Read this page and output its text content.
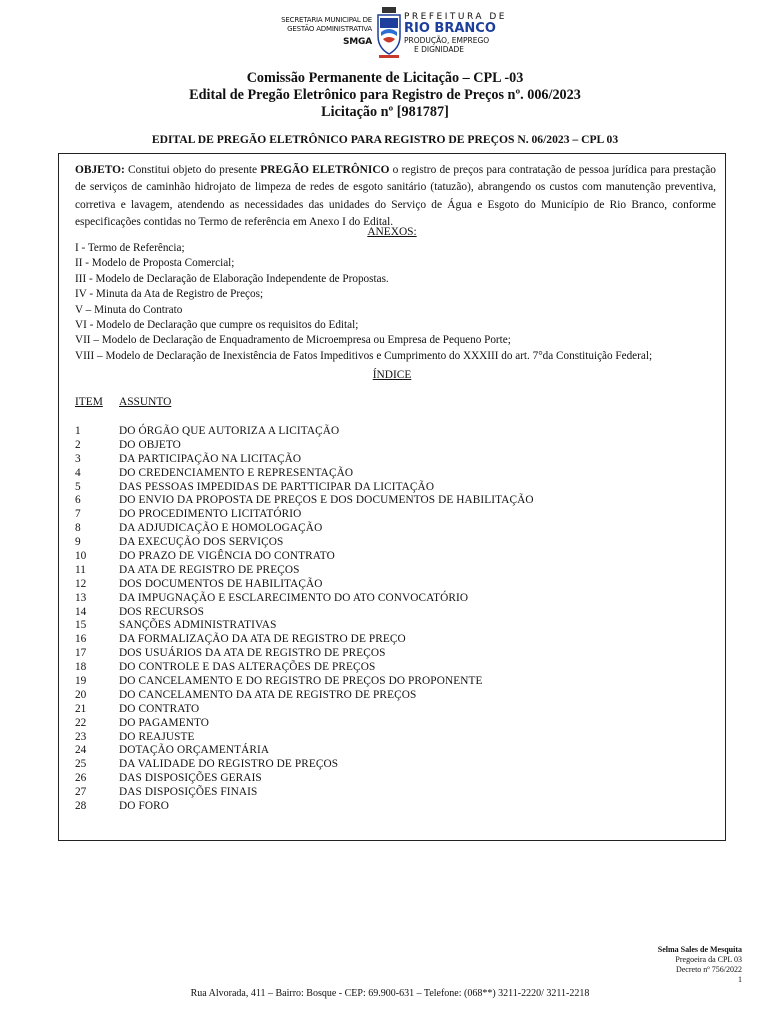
SECRETARIA MUNICIPAL DE
GESTÃO ADMINISTRATIVA
SMGA
PREFEITURA DE
RIO BRANCO
PRODUÇÃO, EMPREGO
E DIGNIDADE
Comissão Permanente de Licitação – CPL -03
Edital de Pregão Eletrônico para Registro de Preços nº. 006/2023
Licitação nº [981787]
EDITAL DE PREGÃO ELETRÔNICO PARA REGISTRO DE PREÇOS N. 06/2023 – CPL 03
OBJETO: Constitui objeto do presente PREGÃO ELETRÔNICO o registro de preços para contratação de pessoa jurídica para prestação de serviços de caminhão hidrojato de limpeza de redes de esgoto sanitário (tatuzão), abrangendo os custos com manutenção preventiva, corretiva e lavagem, atendendo as necessidades das unidades do Serviço de Água e Esgoto do Município de Rio Branco, conforme especificações contidas no Termo de referência em Anexo I do Edital.
ANEXOS:
I - Termo de Referência;
II - Modelo de Proposta Comercial;
III - Modelo de Declaração de Elaboração Independente de Propostas.
IV - Minuta da Ata de Registro de Preços;
V – Minuta do Contrato
VI - Modelo de Declaração que cumpre os requisitos do Edital;
VII – Modelo de Declaração de Enquadramento de Microempresa ou Empresa de Pequeno Porte;
VIII – Modelo de Declaração de Inexistência de Fatos Impeditivos e Cumprimento do XXXIII do art. 7°da Constituição Federal;
ÍNDICE
ITEM ASSUNTO
1	DO ÓRGÃO QUE AUTORIZA A LICITAÇÃO
2	DO OBJETO
3	DA PARTICIPAÇÃO NA LICITAÇÃO
4	DO CREDENCIAMENTO E REPRESENTAÇÃO
5	DAS PESSOAS IMPEDIDAS DE PARTTICIPAR DA LICITAÇÃO
6	DO ENVIO DA PROPOSTA DE PREÇOS E DOS DOCUMENTOS DE HABILITAÇÃO
7	DO PROCEDIMENTO LICITATÓRIO
8	DA ADJUDICAÇÃO E HOMOLOGAÇÃO
9	DA EXECUÇÃO DOS SERVIÇOS
10	DO PRAZO DE VIGÊNCIA DO CONTRATO
11	DA ATA DE REGISTRO DE PREÇOS
12	DOS DOCUMENTOS DE HABILITAÇÃO
13	DA IMPUGNAÇÃO E ESCLARECIMENTO DO ATO CONVOCATÓRIO
14	DOS RECURSOS
15	SANÇÕES ADMINISTRATIVAS
16	DA FORMALIZAÇÃO DA ATA DE REGISTRO DE PREÇO
17	DOS USUÁRIOS DA ATA DE REGISTRO DE PREÇOS
18	DO CONTROLE E DAS ALTERAÇÕES DE PREÇOS
19	DO CANCELAMENTO E DO REGISTRO DE PREÇOS DO PROPONENTE
20	DO CANCELAMENTO DA ATA DE REGISTRO DE PREÇOS
21	DO CONTRATO
22	DO PAGAMENTO
23	DO REAJUSTE
24	DOTAÇÃO ORÇAMENTÁRIA
25	DA VALIDADE DO REGISTRO DE PREÇOS
26	DAS DISPOSIÇÕES GERAIS
27	DAS DISPOSIÇÕES FINAIS
28	DO FORO
Selma Sales de Mesquita
Pregoeira da CPL 03
Decreto nº 756/2022
1
Rua Alvorada, 411 – Bairro: Bosque - CEP: 69.900-631 – Telefone: (068**) 3211-2220/ 3211-2218
